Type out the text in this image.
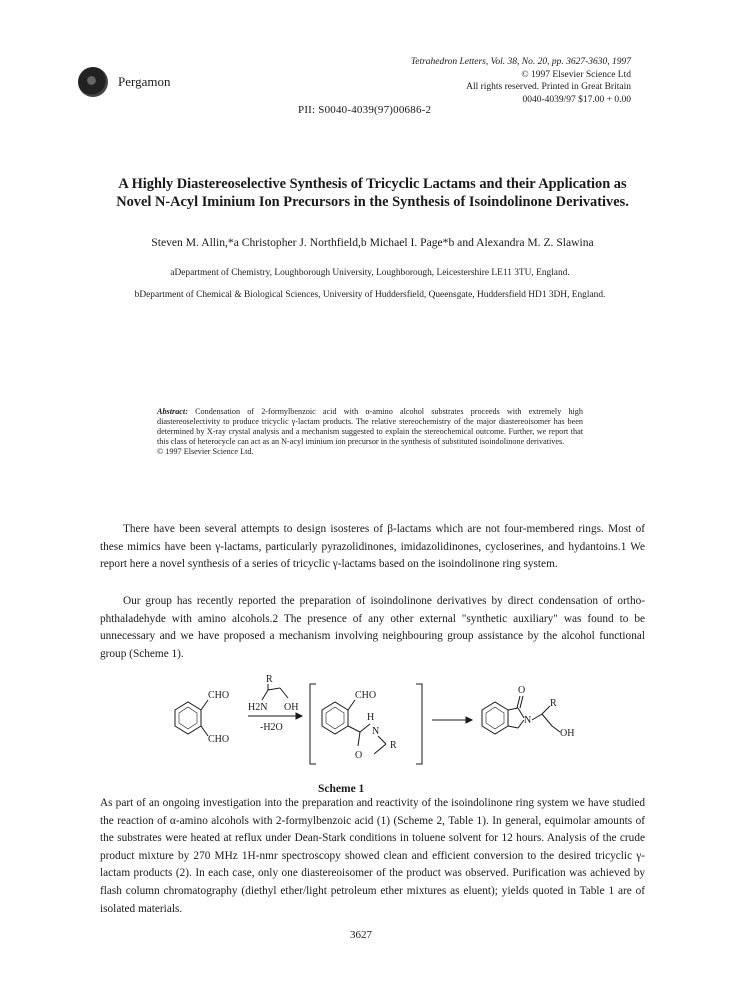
Pergamon
Tetrahedron Letters, Vol. 38, No. 20, pp. 3627-3630, 1997
© 1997 Elsevier Science Ltd
All rights reserved. Printed in Great Britain
0040-4039/97 $17.00 + 0.00
PII: S0040-4039(97)00686-2
A Highly Diastereoselective Synthesis of Tricyclic Lactams and their Application as
Novel N-Acyl Iminium Ion Precursors in the Synthesis of Isoindolinone Derivatives.
Steven M. Allin,*a Christopher J. Northfield,b Michael I. Page*b and Alexandra M. Z. Slawina
aDepartment of Chemistry, Loughborough University, Loughborough, Leicestershire LE11 3TU, England.
bDepartment of Chemical & Biological Sciences, University of Huddersfield, Queensgate, Huddersfield HD1 3DH, England.
Abstract: Condensation of 2-formylbenzoic acid with α-amino alcohol substrates proceeds with extremely high diastereoselectivity to produce tricyclic γ-lactam products. The relative stereochemistry of the major diastereoisomer has been determined by X-ray crystal analysis and a mechanism suggested to explain the stereochemical outcome. Further, we report that this class of heterocycle can act as an N-acyl iminium ion precursor in the synthesis of substituted isoindolinone derivatives.
© 1997 Elsevier Science Ltd.
There have been several attempts to design isosteres of β-lactams which are not four-membered rings. Most of these mimics have been γ-lactams, particularly pyrazolidinones, imidazolidinones, cycloserines, and hydantoins.1 We report here a novel synthesis of a series of tricyclic γ-lactams based on the isoindolinone ring system.
Our group has recently reported the preparation of isoindolinone derivatives by direct condensation of ortho-phthaladehyde with amino alcohols.2 The presence of any other external "synthetic auxiliary" was found to be unnecessary and we have proposed a mechanism involving neighbouring group assistance by the alcohol functional group (Scheme 1).
CHO
CHO
R
H2N OH
-H2O
CHO
H
N
R
O
O
N
R
OH
Scheme 1
As part of an ongoing investigation into the preparation and reactivity of the isoindolinone ring system we have studied the reaction of α-amino alcohols with 2-formylbenzoic acid (1) (Scheme 2, Table 1). In general, equimolar amounts of the substrates were heated at reflux under Dean-Stark conditions in toluene solvent for 12 hours. Analysis of the crude product mixture by 270 MHz 1H-nmr spectroscopy showed clean and efficient conversion to the desired tricyclic γ-lactam products (2). In each case, only one diastereoisomer of the product was observed. Purification was achieved by flash column chromatography (diethyl ether/light petroleum ether mixtures as eluent); yields quoted in Table 1 are of isolated materials.
3627
